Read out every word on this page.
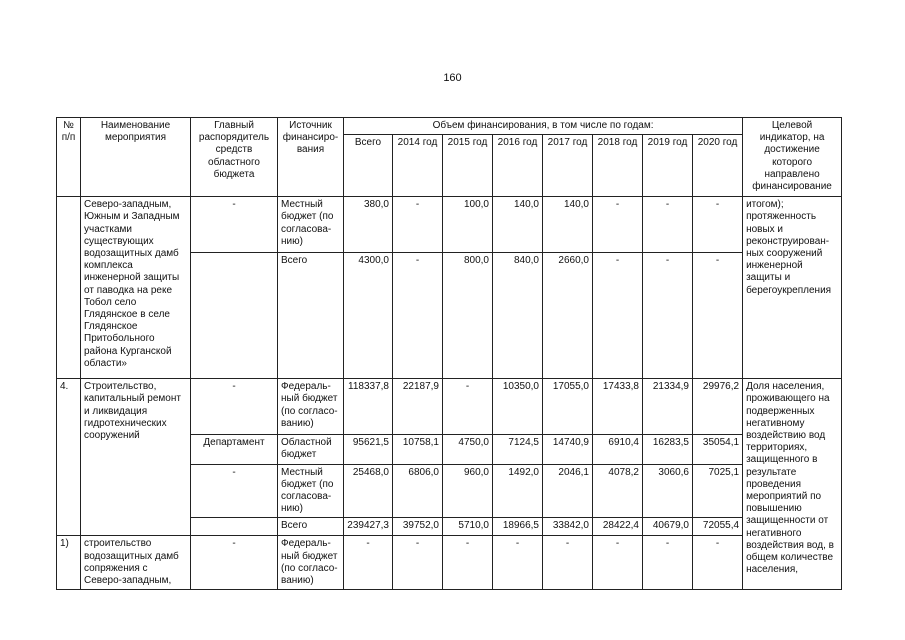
160
№ п/п	Наименование мероприятия	Главный распорядитель средств областного бюджета	Источник финансиро-вания	Объем финансирования, в том числе по годам:								Целевой индикатор, на достижение которого направлено финансирование
				Всего	2014 год	2015 год	2016 год	2017 год	2018 год	2019 год	2020 год	
	Северо-западным, Южным и Западным участками существующих водозащитных дамб комплекса инженерной защиты от паводка на реке Тобол село Глядянское в селе Глядянское Притобольного района Курганской области»	-	Местный бюджет (по согласова-нию)	380,0	-	100,0	140,0	140,0	-	-	-	итогом); протяженность новых и реконструирован-ных сооружений инженерной защиты и берегоукрепления
			Всего	4300,0	-	800,0	840,0	2660,0	-	-	-	
4.	Строительство, капитальный ремонт и ликвидация гидротехнических сооружений	-	Федераль-ный бюджет (по согласо-ванию)	118337,8	22187,9	-	10350,0	17055,0	17433,8	21334,9	29976,2	Доля населения, проживающего на подверженных негативному воздействию вод территориях, защищенного в результате проведения мероприятий по повышению защищенности от негативного воздействия вод, в общем количестве населения,
		Департамент	Областной бюджет	95621,5	10758,1	4750,0	7124,5	14740,9	6910,4	16283,5	35054,1	
		-	Местный бюджет (по согласова-нию)	25468,0	6806,0	960,0	1492,0	2046,1	4078,2	3060,6	7025,1	
			Всего	239427,3	39752,0	5710,0	18966,5	33842,0	28422,4	40679,0	72055,4	
1)	строительство водозащитных дамб сопряжения с Северо-западным,	-	Федераль-ный бюджет (по согласо-ванию)	-	-	-	-	-	-	-	-	
